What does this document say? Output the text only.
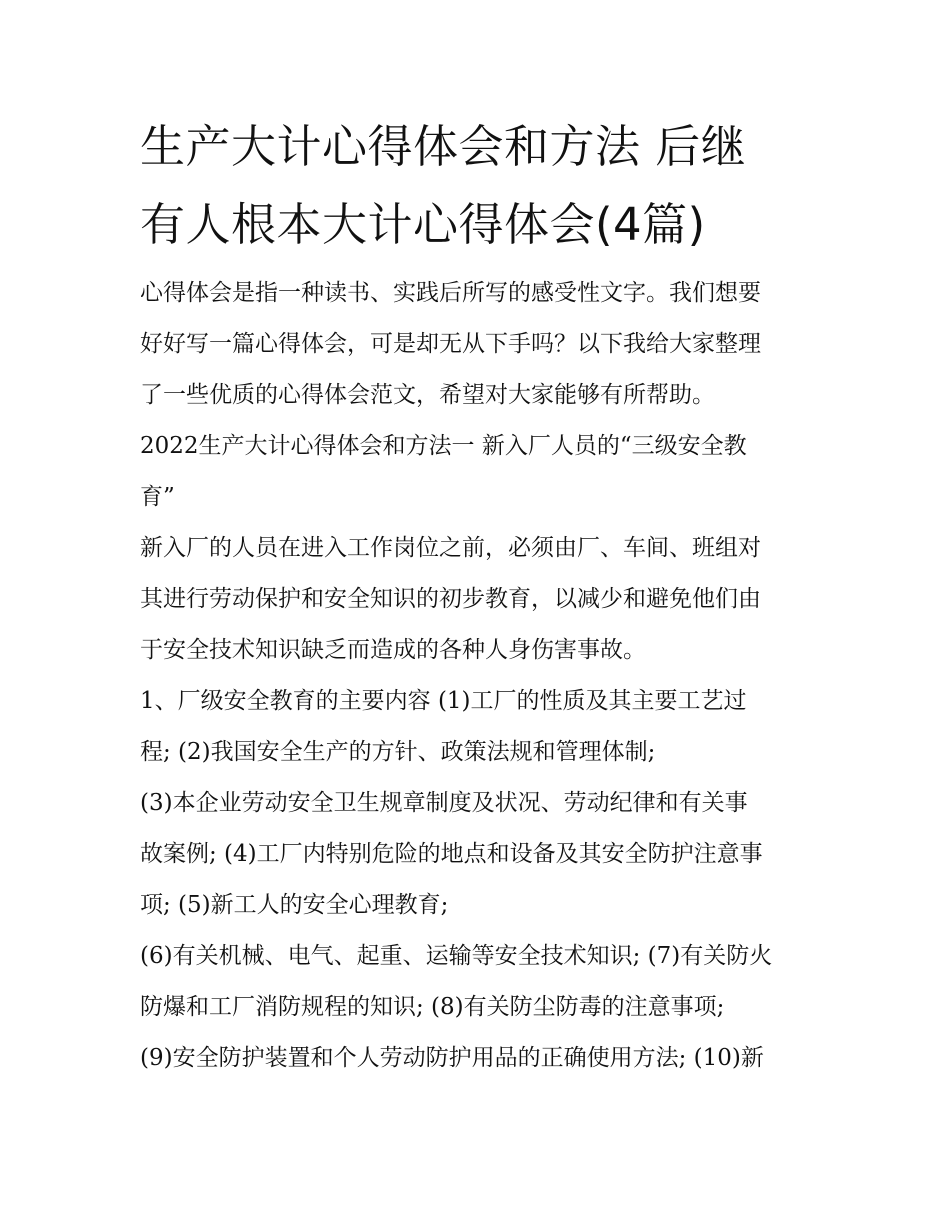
生产大计心得体会和方法 后继
有人根本大计心得体会(4篇)

心得体会是指一种读书、实践后所写的感受性文字。我们想要
好好写一篇心得体会，可是却无从下手吗？以下我给大家整理
了一些优质的心得体会范文，希望对大家能够有所帮助。

2022生产大计心得体会和方法一 新入厂人员的“三级安全教
育”

新入厂的人员在进入工作岗位之前，必须由厂、车间、班组对
其进行劳动保护和安全知识的初步教育，以减少和避免他们由
于安全技术知识缺乏而造成的各种人身伤害事故。

1、厂级安全教育的主要内容 (1)工厂的性质及其主要工艺过
程; (2)我国安全生产的方针、政策法规和管理体制;

(3)本企业劳动安全卫生规章制度及状况、劳动纪律和有关事
故案例; (4)工厂内特别危险的地点和设备及其安全防护注意事
项; (5)新工人的安全心理教育;

(6)有关机械、电气、起重、运输等安全技术知识; (7)有关防火
防爆和工厂消防规程的知识; (8)有关防尘防毒的注意事项;

(9)安全防护装置和个人劳动防护用品的正确使用方法; (10)新
